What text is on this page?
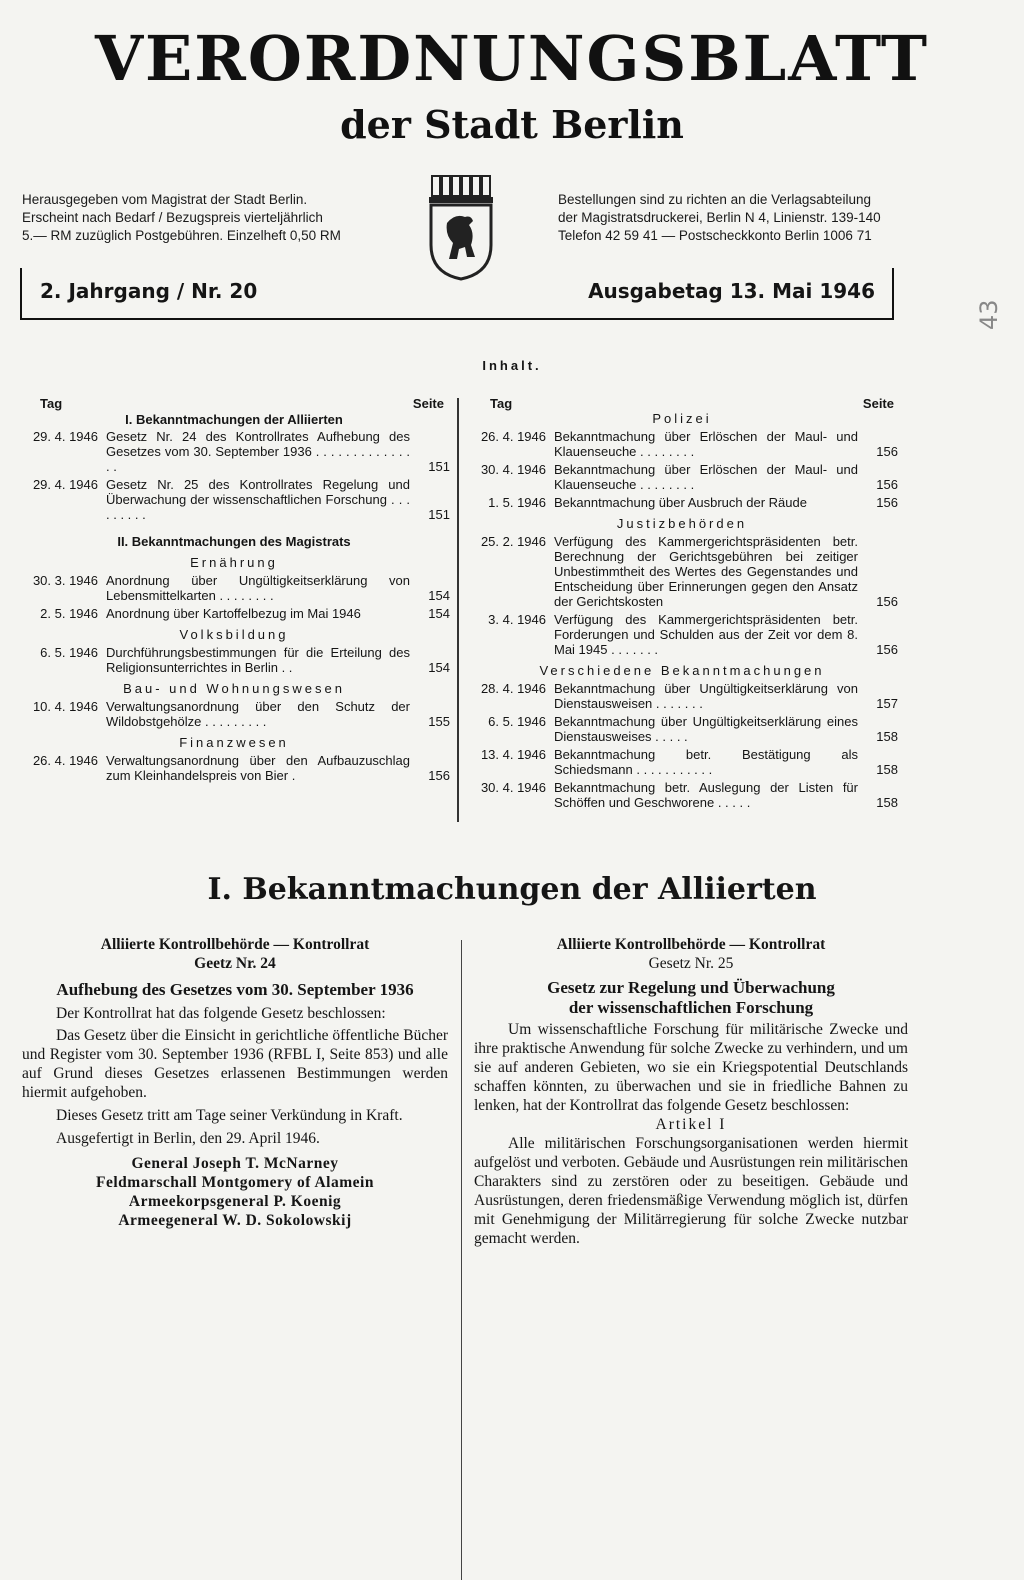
VERORDNUNGSBLATT
der Stadt Berlin
Herausgegeben vom Magistrat der Stadt Berlin.
Erscheint nach Bedarf / Bezugspreis vierteljährlich
5.— RM zuzüglich Postgebühren. Einzelheft 0,50 RM
Bestellungen sind zu richten an die Verlagsabteilung
der Magistratsdruckerei, Berlin N 4, Linienstr. 139-140
Telefon 42 59 41 — Postscheckkonto Berlin 1006 71
2. Jahrgang / Nr. 20	Ausgabetag 13. Mai 1946
43
Inhalt.
Tag	Seite
I. Bekanntmachungen der Alliierten
29. 4. 1946 Gesetz Nr. 24 des Kontrollrates Aufhebung des Gesetzes vom 30. September 1936 . . . . . . . . . . . . . . .	151
29. 4. 1946 Gesetz Nr. 25 des Kontrollrates Regelung und Überwachung der wissenschaftlichen Forschung . . . . . . . . .	151
II. Bekanntmachungen des Magistrats
Ernährung
30. 3. 1946 Anordnung über Ungültigkeitserklärung von Lebensmittelkarten . . . . . . . .	154
2. 5. 1946 Anordnung über Kartoffelbezug im Mai 1946	154
Volksbildung
6. 5. 1946 Durchführungsbestimmungen für die Erteilung des Religionsunterrichtes in Berlin . .	154
Bau- und Wohnungswesen
10. 4. 1946 Verwaltungsanordnung über den Schutz der Wildobstgehölze . . . . . . . . .	155
Finanzwesen
26. 4. 1946 Verwaltungsanordnung über den Aufbauzuschlag zum Kleinhandelspreis von Bier .	156
Tag	Seite
Polizei
26. 4. 1946 Bekanntmachung über Erlöschen der Maul- und Klauenseuche . . . . . . . .	156
30. 4. 1946 Bekanntmachung über Erlöschen der Maul- und Klauenseuche . . . . . . . .	156
1. 5. 1946 Bekanntmachung über Ausbruch der Räude	156
Justizbehörden
25. 2. 1946 Verfügung des Kammergerichtspräsidenten betr. Berechnung der Gerichtsgebühren bei zeitiger Unbestimmtheit des Wertes des Gegenstandes und Entscheidung über Erinnerungen gegen den Ansatz der Gerichtskosten	156
3. 4. 1946 Verfügung des Kammergerichtspräsidenten betr. Forderungen und Schulden aus der Zeit vor dem 8. Mai 1945 . . . . . . .	156
Verschiedene Bekanntmachungen
28. 4. 1946 Bekanntmachung über Ungültigkeitserklärung von Dienstausweisen . . . . . . .	157
6. 5. 1946 Bekanntmachung über Ungültigkeitserklärung eines Dienstausweises . . . . .	158
13. 4. 1946 Bekanntmachung betr. Bestätigung als Schiedsmann . . . . . . . . . . .	158
30. 4. 1946 Bekanntmachung betr. Auslegung der Listen für Schöffen und Geschworene . . . . .	158
I. Bekanntmachungen der Alliierten
Alliierte Kontrollbehörde — Kontrollrat
Geetz Nr. 24
Aufhebung des Gesetzes vom 30. September 1936

Der Kontrollrat hat das folgende Gesetz beschlossen:

Das Gesetz über die Einsicht in gerichtliche öffentliche Bücher und Register vom 30. September 1936 (RFBL I, Seite 853) und alle auf Grund dieses Gesetzes erlassenen Bestimmungen werden hiermit aufgehoben.

Dieses Gesetz tritt am Tage seiner Verkündung in Kraft.

Ausgefertigt in Berlin, den 29. April 1946.

General Joseph T. McNarney
Feldmarschall Montgomery of Alamein
Armeekorpsgeneral P. Koenig
Armeegeneral W. D. Sokolowskij
Alliierte Kontrollbehörde — Kontrollrat
Gesetz Nr. 25
Gesetz zur Regelung und Überwachung
der wissenschaftlichen Forschung

Um wissenschaftliche Forschung für militärische Zwecke und ihre praktische Anwendung für solche Zwecke zu verhindern, und um sie auf anderen Gebieten, wo sie ein Kriegspotential Deutschlands schaffen könnten, zu überwachen und sie in friedliche Bahnen zu lenken, hat der Kontrollrat das folgende Gesetz beschlossen:

Artikel I

Alle militärischen Forschungsorganisationen werden hiermit aufgelöst und verboten. Gebäude und Ausrüstungen rein militärischen Charakters sind zu zerstören oder zu beseitigen. Gebäude und Ausrüstungen, deren friedensmäßige Verwendung möglich ist, dürfen mit Genehmigung der Militärregierung für solche Zwecke nutzbar gemacht werden.
